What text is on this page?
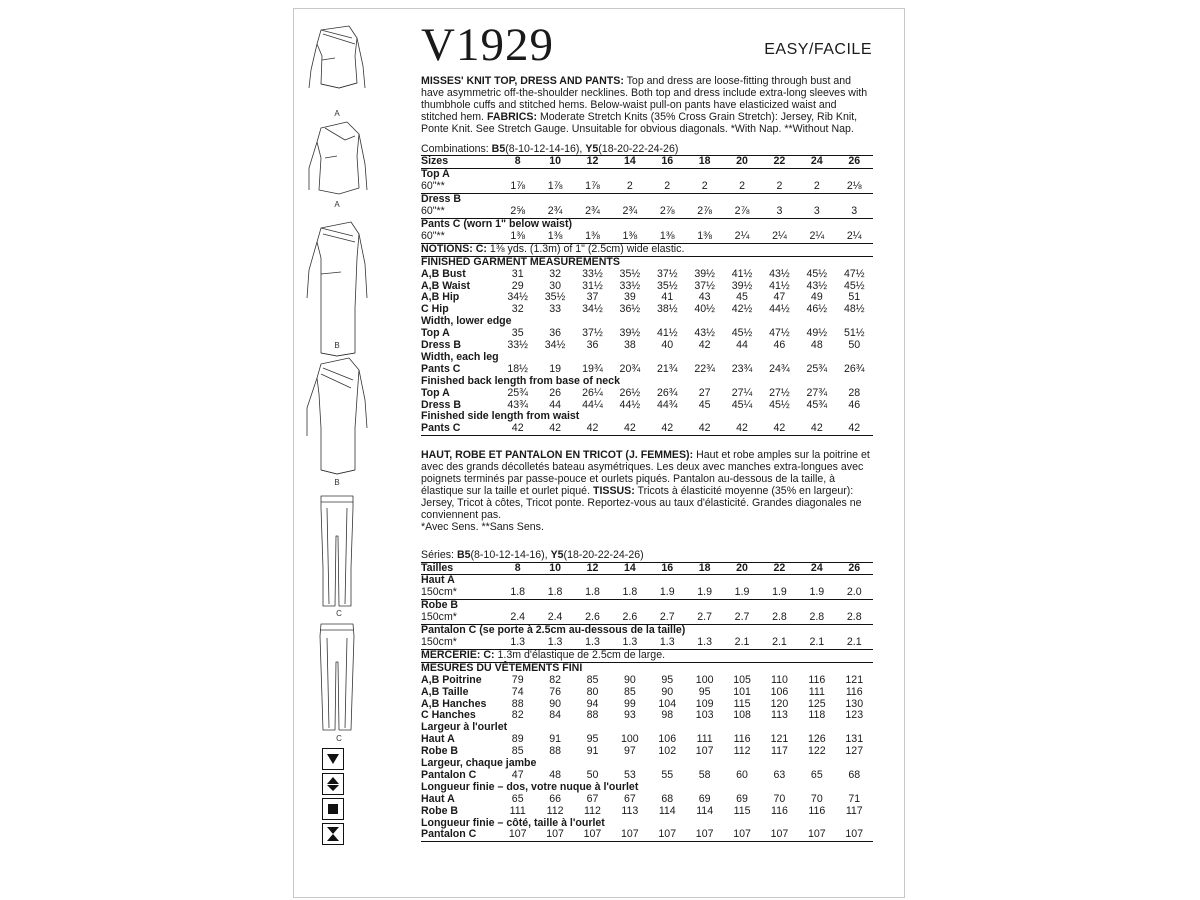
A
A
B
B
C
C
V1929	EASY/FACILE
MISSES' KNIT TOP, DRESS AND PANTS: Top and dress are loose-fitting through bust and have asymmetric off-the-shoulder necklines. Both top and dress include extra-long sleeves with thumbhole cuffs and stitched hems. Below-waist pull-on pants have elasticized waist and stitched hem. FABRICS: Moderate Stretch Knits (35% Cross Grain Stretch): Jersey, Rib Knit, Ponte Knit. See Stretch Gauge. Unsuitable for obvious diagonals. *With Nap. **Without Nap.
Combinations: B5(8-10-12-14-16), Y5(18-20-22-24-26)
Sizes	8	10	12	14	16	18	20	22	24	26
Top A										
60"**	1⅞	1⅞	1⅞	2	2	2	2	2	2	2⅛
Dress B										
60"**	2⅝	2¾	2¾	2¾	2⅞	2⅞	2⅞	3	3	3
Pants C (worn 1" below waist)										
60"**	1⅜	1⅜	1⅜	1⅜	1⅜	1⅜	2¼	2¼	2¼	2¼
NOTIONS: C: 1⅜ yds. (1.3m) of 1" (2.5cm) wide elastic.										
FINISHED GARMENT MEASUREMENTS										
A,B Bust	31	32	33½	35½	37½	39½	41½	43½	45½	47½
A,B Waist	29	30	31½	33½	35½	37½	39½	41½	43½	45½
A,B Hip	34½	35½	37	39	41	43	45	47	49	51
C Hip	32	33	34½	36½	38½	40½	42½	44½	46½	48½
Width, lower edge										
Top A	35	36	37½	39½	41½	43½	45½	47½	49½	51½
Dress B	33½	34½	36	38	40	42	44	46	48	50
Width, each leg										
Pants C	18½	19	19¾	20¾	21¾	22¾	23¾	24¾	25¾	26¾
Finished back length from base of neck										
Top A	25¾	26	26¼	26½	26¾	27	27¼	27½	27¾	28
Dress B	43¾	44	44¼	44½	44¾	45	45¼	45½	45¾	46
Finished side length from waist										
Pants C	42	42	42	42	42	42	42	42	42	42
HAUT, ROBE ET PANTALON EN TRICOT (J. FEMMES): Haut et robe amples sur la poitrine et avec des grands décolletés bateau asymétriques. Les deux avec manches extra-longues avec poignets terminés par passe-pouce et ourlets piqués. Pantalon au-dessous de la taille, à élastique sur la taille et ourlet piqué. TISSUS: Tricots à élasticité moyenne (35% en largeur): Jersey, Tricot à côtes, Tricot ponte. Reportez-vous au taux d'élasticité. Grandes diagonales ne conviennent pas.
*Avec Sens. **Sans Sens.
Séries: B5(8-10-12-14-16), Y5(18-20-22-24-26)
Tailles	8	10	12	14	16	18	20	22	24	26
Haut A										
150cm*	1.8	1.8	1.8	1.8	1.9	1.9	1.9	1.9	1.9	2.0
Robe B										
150cm*	2.4	2.4	2.6	2.6	2.7	2.7	2.7	2.8	2.8	2.8
Pantalon C (se porte à 2.5cm au-dessous de la taille)										
150cm*	1.3	1.3	1.3	1.3	1.3	1.3	2.1	2.1	2.1	2.1
MERCERIE: C: 1.3m d'élastique de 2.5cm de large.										
MESURES DU VÊTEMENTS FINI										
A,B Poitrine	79	82	85	90	95	100	105	110	116	121
A,B Taille	74	76	80	85	90	95	101	106	111	116
A,B Hanches	88	90	94	99	104	109	115	120	125	130
C Hanches	82	84	88	93	98	103	108	113	118	123
Largeur à l'ourlet										
Haut A	89	91	95	100	106	111	116	121	126	131
Robe B	85	88	91	97	102	107	112	117	122	127
Largeur, chaque jambe										
Pantalon C	47	48	50	53	55	58	60	63	65	68
Longueur finie – dos, votre nuque à l'ourlet										
Haut A	65	66	67	67	68	69	69	70	70	71
Robe B	111	112	112	113	114	114	115	116	116	117
Longueur finie – côté, taille à l'ourlet										
Pantalon C	107	107	107	107	107	107	107	107	107	107
